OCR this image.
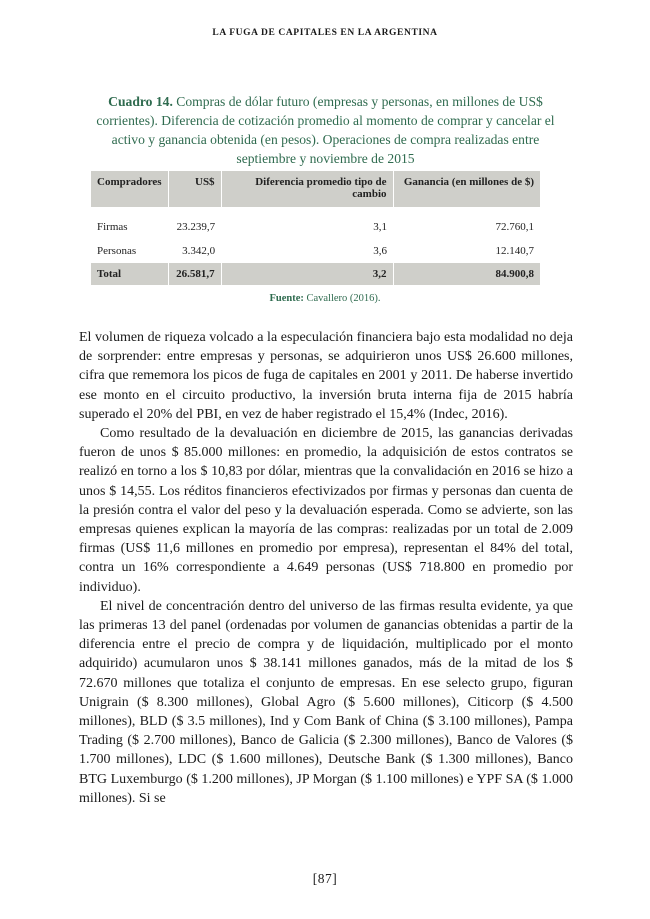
LA FUGA DE CAPITALES EN LA ARGENTINA
Cuadro 14. Compras de dólar futuro (empresas y personas, en millones de US$ corrientes). Diferencia de cotización promedio al momento de comprar y cancelar el activo y ganancia obtenida (en pesos). Operaciones de compra realizadas entre septiembre y noviembre de 2015
Compradores	US$	Diferencia promedio tipo de cambio	Ganancia (en millones de $)

Firmas	23.239,7	3,1	72.760,1
Personas	3.342,0	3,6	12.140,7
Total	26.581,7	3,2	84.900,8
Fuente: Cavallero (2016).

El volumen de riqueza volcado a la especulación financiera bajo esta modalidad no deja de sorprender: entre empresas y personas, se adquirieron unos US$ 26.600 millones, cifra que rememora los picos de fuga de capitales en 2001 y 2011. De haberse invertido ese monto en el circuito productivo, la inversión bruta interna fija de 2015 habría superado el 20% del PBI, en vez de haber registrado el 15,4% (Indec, 2016).

Como resultado de la devaluación en diciembre de 2015, las ganancias derivadas fueron de unos $ 85.000 millones: en promedio, la adquisición de estos contratos se realizó en torno a los $ 10,83 por dólar, mientras que la convalidación en 2016 se hizo a unos $ 14,55. Los réditos financieros efectivizados por firmas y personas dan cuenta de la presión contra el valor del peso y la devaluación esperada. Como se advierte, son las empresas quienes explican la mayoría de las compras: realizadas por un total de 2.009 firmas (US$ 11,6 millones en promedio por empresa), representan el 84% del total, contra un 16% correspondiente a 4.649 personas (US$ 718.800 en promedio por individuo).

El nivel de concentración dentro del universo de las firmas resulta evidente, ya que las primeras 13 del panel (ordenadas por volumen de ganancias obtenidas a partir de la diferencia entre el precio de compra y de liquidación, multiplicado por el monto adquirido) acumularon unos $ 38.141 millones ganados, más de la mitad de los $ 72.670 millones que totaliza el conjunto de empresas. En ese selecto grupo, figuran Unigrain ($ 8.300 millones), Global Agro ($ 5.600 millones), Citicorp ($ 4.500 millones), BLD ($ 3.5 millones), Ind y Com Bank of China ($ 3.100 millones), Pampa Trading ($ 2.700 millones), Banco de Galicia ($ 2.300 millones), Banco de Valores ($ 1.700 millones), LDC ($ 1.600 millones), Deutsche Bank ($ 1.300 millones), Banco BTG Luxemburgo ($ 1.200 millones), JP Morgan ($ 1.100 millones) e YPF SA ($ 1.000 millones). Si se

[87]
